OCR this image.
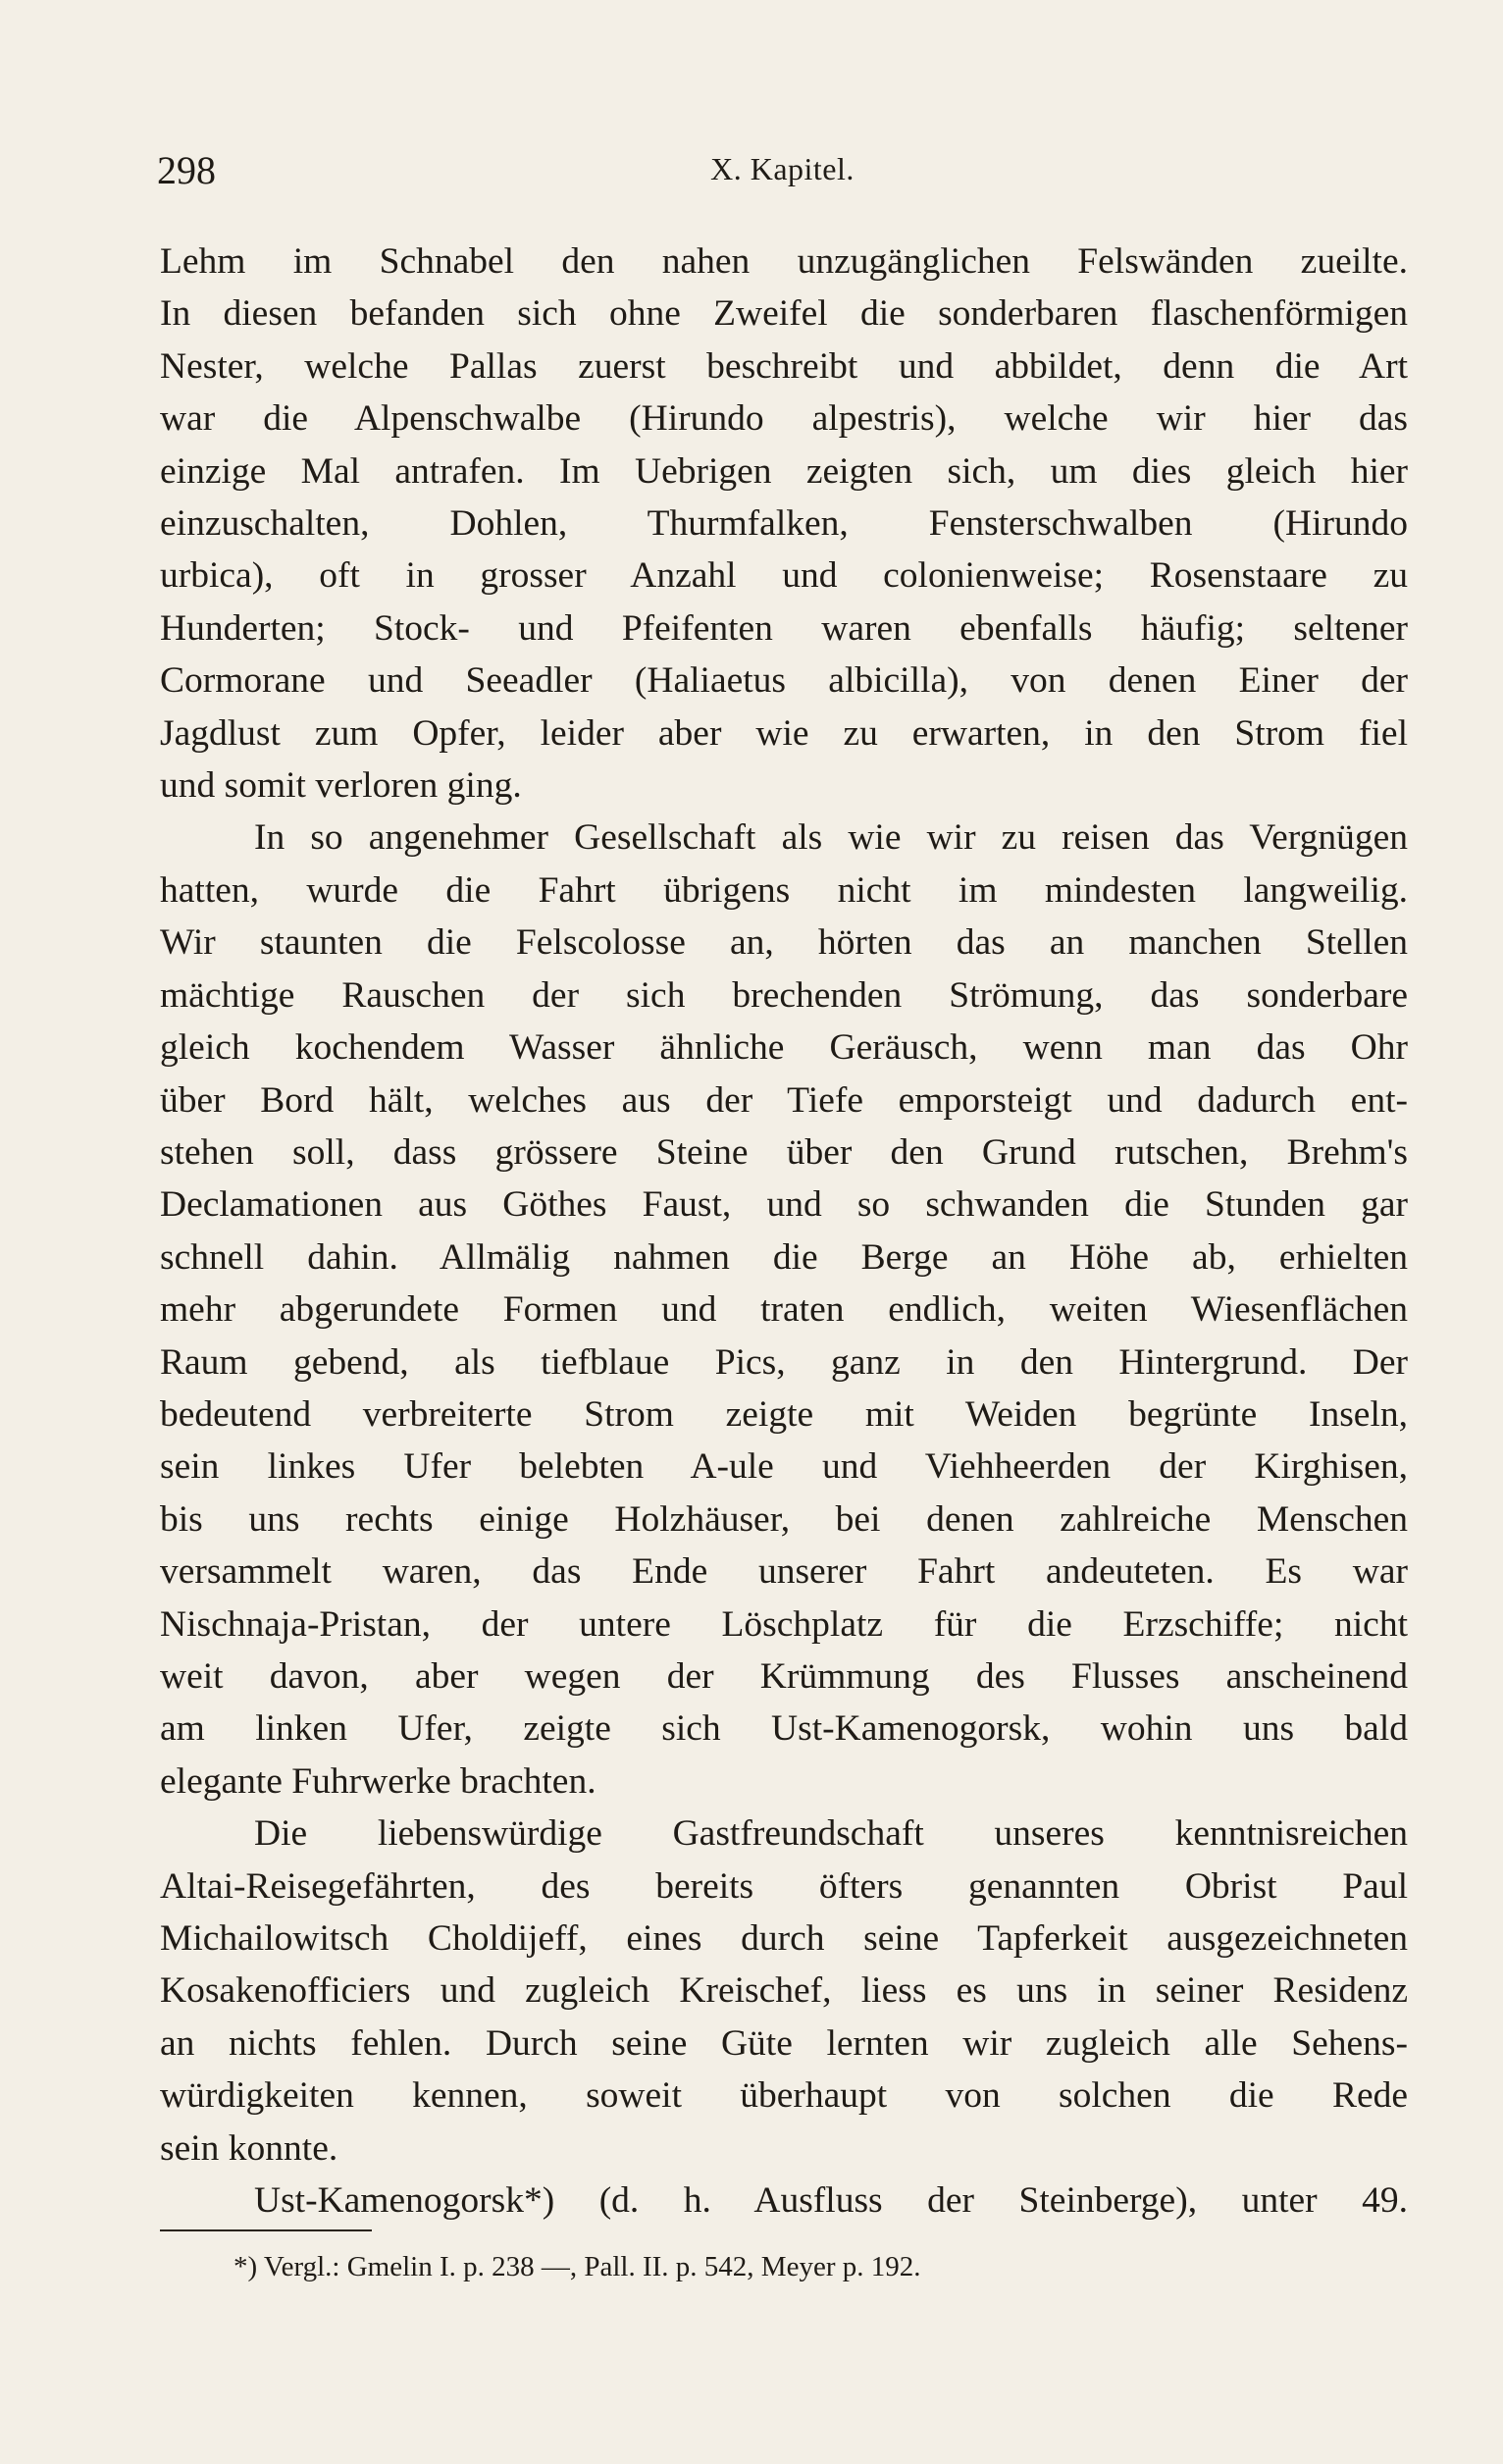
298	X. Kapitel.
Lehm im Schnabel den nahen unzugänglichen Felswänden zueilte.
In diesen befanden sich ohne Zweifel die sonderbaren flaschenförmigen
Nester, welche Pallas zuerst beschreibt und abbildet, denn die Art
war die Alpenschwalbe (Hirundo alpestris), welche wir hier das
einzige Mal antrafen. Im Uebrigen zeigten sich, um dies gleich hier
einzuschalten, Dohlen, Thurmfalken, Fensterschwalben (Hirundo
urbica), oft in grosser Anzahl und colonienweise; Rosenstaare zu
Hunderten; Stock- und Pfeifenten waren ebenfalls häufig; seltener
Cormorane und Seeadler (Haliaetus albicilla), von denen Einer der
Jagdlust zum Opfer, leider aber wie zu erwarten, in den Strom fiel
und somit verloren ging.
In so angenehmer Gesellschaft als wie wir zu reisen das Vergnügen
hatten, wurde die Fahrt übrigens nicht im mindesten langweilig.
Wir staunten die Felscolosse an, hörten das an manchen Stellen
mächtige Rauschen der sich brechenden Strömung, das sonderbare
gleich kochendem Wasser ähnliche Geräusch, wenn man das Ohr
über Bord hält, welches aus der Tiefe emporsteigt und dadurch ent-
stehen soll, dass grössere Steine über den Grund rutschen, Brehm's
Declamationen aus Göthes Faust, und so schwanden die Stunden gar
schnell dahin. Allmälig nahmen die Berge an Höhe ab, erhielten
mehr abgerundete Formen und traten endlich, weiten Wiesenflächen
Raum gebend, als tiefblaue Pics, ganz in den Hintergrund. Der
bedeutend verbreiterte Strom zeigte mit Weiden begrünte Inseln,
sein linkes Ufer belebten A-ule und Viehheerden der Kirghisen,
bis uns rechts einige Holzhäuser, bei denen zahlreiche Menschen
versammelt waren, das Ende unserer Fahrt andeuteten. Es war
Nischnaja-Pristan, der untere Löschplatz für die Erzschiffe; nicht
weit davon, aber wegen der Krümmung des Flusses anscheinend
am linken Ufer, zeigte sich Ust-Kamenogorsk, wohin uns bald
elegante Fuhrwerke brachten.
Die liebenswürdige Gastfreundschaft unseres kenntnisreichen
Altai-Reisegefährten, des bereits öfters genannten Obrist Paul
Michailowitsch Choldijeff, eines durch seine Tapferkeit ausgezeichneten
Kosakenofficiers und zugleich Kreischef, liess es uns in seiner Residenz
an nichts fehlen. Durch seine Güte lernten wir zugleich alle Sehens-
würdigkeiten kennen, soweit überhaupt von solchen die Rede
sein konnte.
Ust-Kamenogorsk*) (d. h. Ausfluss der Steinberge), unter 49.
*) Vergl.: Gmelin I. p. 238 —, Pall. II. p. 542, Meyer p. 192.
